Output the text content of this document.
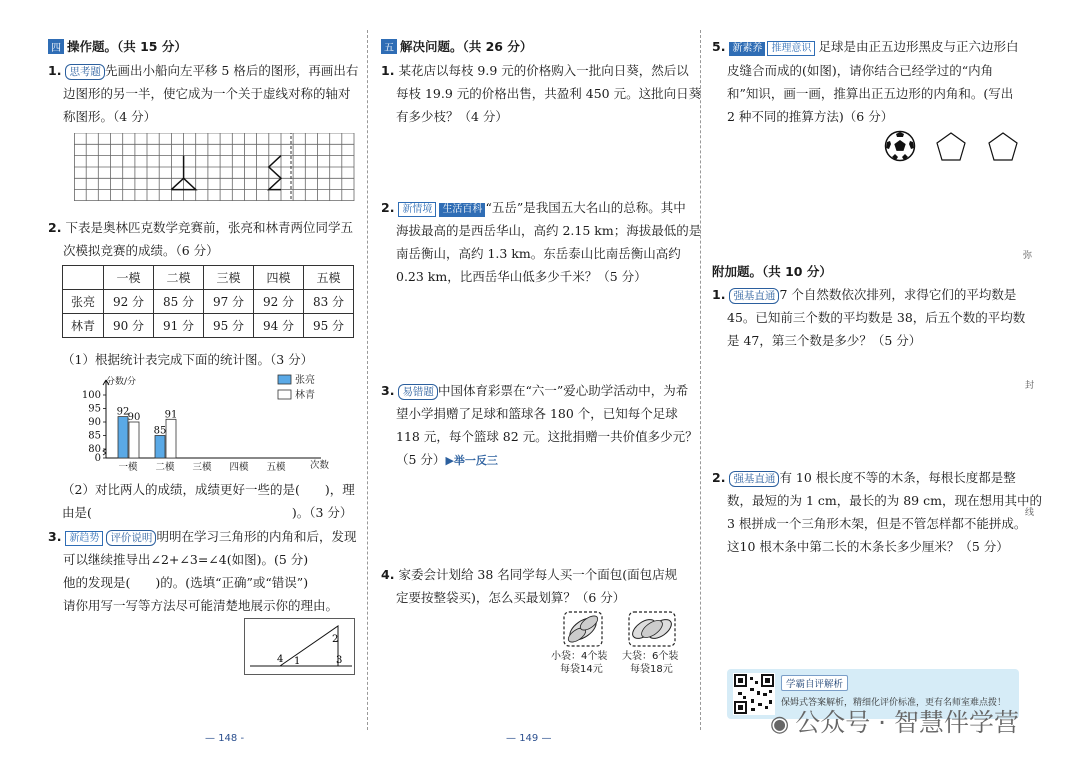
四 操作题。（共 15 分）
1. 思考题 先画出小船向左平移 5 格后的图形，再画出右
边图形的另一半，使它成为一个关于虚线对称的轴对
称图形。（4 分）
2. 下表是奥林匹克数学竞赛前，张亮和林青两位同学五
次模拟竞赛的成绩。（6 分）
	一模	二模	三模	四模	五模
张亮	92 分	85 分	97 分	92 分	83 分
林青	90 分	91 分	95 分	94 分	95 分
（1）根据统计表完成下面的统计图。（3 分）
分数/分
次数
张亮
林青
0
80
85
90
95
100
一模 二模 三模 四模 五模
92
90
85
91
（2）对比两人的成绩，成绩更好一些的是(　　)，理
由是(　　　　　　　　　　　　　　　　)。（3 分）
3. 新趋势 评价说明 明明在学习三角形的内角和后，发现
可以继续推导出∠2+∠3=∠4(如图)。(5 分)
他的发现是(　　)的。(选填“正确”或“错误”)
请你用写一写等方法尽可能清楚地展示你的理由。
4 1
2
3
— 148 -
五 解决问题。（共 26 分）
1. 某花店以每枝 9.9 元的价格购入一批向日葵，然后以
每枝 19.9 元的价格出售，共盈利 450 元。这批向日葵
有多少枝？（4 分）
2. 新情境 生活百科 “五岳”是我国五大名山的总称。其中
海拔最高的是西岳华山，高约 2.15 km；海拔最低的是
南岳衡山，高约 1.3 km。东岳泰山比南岳衡山高约
0.23 km，比西岳华山低多少千米？（5 分）
3. 易错题 中国体育彩票在“六一”爱心助学活动中，为希
望小学捐赠了足球和篮球各 180 个，已知每个足球
118 元，每个篮球 82 元。这批捐赠一共价值多少元？
（5 分）▶举一反三
4. 家委会计划给 38 名同学每人买一个面包(面包店规
定要按整袋买)，怎么买最划算？（6 分）
小袋：4个装
每袋14元
大袋：6个装
每袋18元
— 149 —
5. 新素养 推理意识 足球是由正五边形黑皮与正六边形白
皮缝合而成的(如图)，请你结合已经学过的“内角
和”知识，画一画，推算出正五边形的内角和。(写出
2 种不同的推算方法)（6 分）
附加题。（共 10 分）
1. 强基直通 7 个自然数依次排列，求得它们的平均数是
45。已知前三个数的平均数是 38，后五个数的平均数
是 47，第三个数是多少？（5 分）
2. 强基直通 有 10 根长度不等的木条，每根长度都是整
数，最短的为 1 cm，最长的为 89 cm，现在想用其中的
3 根拼成一个三角形木架，但是不管怎样都不能拼成。
这10 根木条中第二长的木条长多少厘米？（5 分）
弥
封
线
学霸自评解析
保姆式答案解析，精细化评价标准，更有名师室难点拨！
◉ 公众号 · 智慧伴学营
